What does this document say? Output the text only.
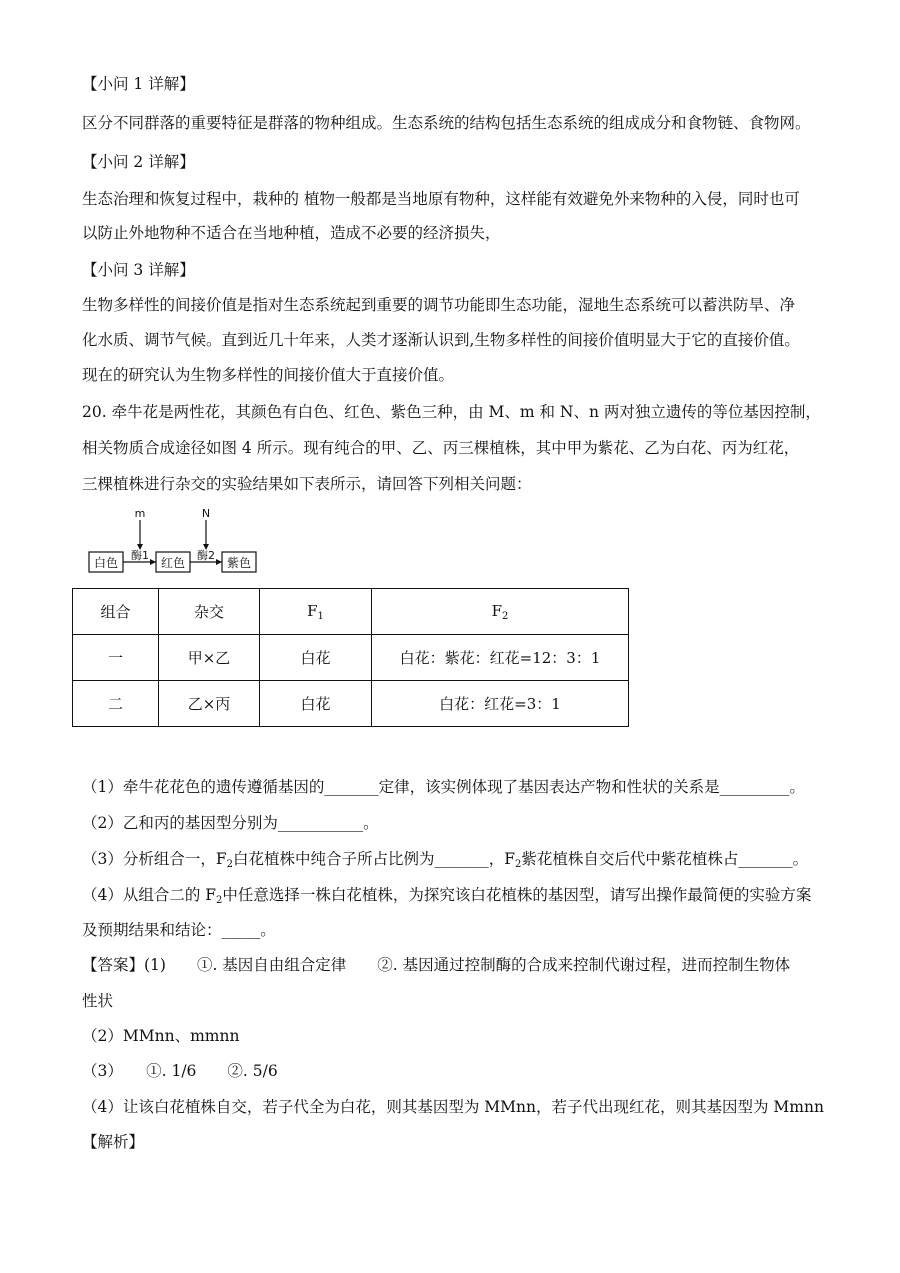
【小问 1 详解】
区分不同群落的重要特征是群落的物种组成。生态系统的结构包括生态系统的组成成分和食物链、食物网。
【小问 2 详解】
生态治理和恢复过程中，栽种的 植物一般都是当地原有物种，这样能有效避免外来物种的入侵，同时也可
以防止外地物种不适合在当地种植，造成不必要的经济损失，
【小问 3 详解】
生物多样性的间接价值是指对生态系统起到重要的调节功能即生态功能，湿地生态系统可以蓄洪防旱、净
化水质、调节气候。直到近几十年来，人类才逐渐认识到,生物多样性的间接价值明显大于它的直接价值。
现在的研究认为生物多样性的间接价值大于直接价值。
20. 牵牛花是两性花，其颜色有白色、红色、紫色三种，由 M、m 和 N、n 两对独立遗传的等位基因控制，
相关物质合成途径如图 4 所示。现有纯合的甲、乙、丙三棵植株，其中甲为紫花、乙为白花、丙为红花，
三棵植株进行杂交的实验结果如下表所示，请回答下列相关问题：
白色	红色	紫色
酶1	酶2
m	N
组合	杂交	$F_1$	$F_2$
一	甲×乙	白花	白花：紫花：红花=12：3：1
二	乙×丙	白花	白花：红花=3：1
（1）牵牛花花色的遗传遵循基因的_______定律，该实例体现了基因表达产物和性状的关系是_________。
（2）乙和丙的基因型分别为___________。
（3）分析组合一，$F_2$白花植株中纯合子所占比例为_______，$F_2$紫花植株自交后代中紫花植株占_______。
（4）从组合二的 $F_2$中任意选择一株白花植株，为探究该白花植株的基因型，请写出操作最简便的实验方案
及预期结果和结论：_____。
【答案】(1)　　①. 基因自由组合定律　　②. 基因通过控制酶的合成来控制代谢过程，进而控制生物体
性状
（2）MMnn、mmnn
（3）　　①. 1/6　　②. 5/6
（4）让该白花植株自交，若子代全为白花，则其基因型为 MMnn，若子代出现红花，则其基因型为 Mmnn
【解析】
